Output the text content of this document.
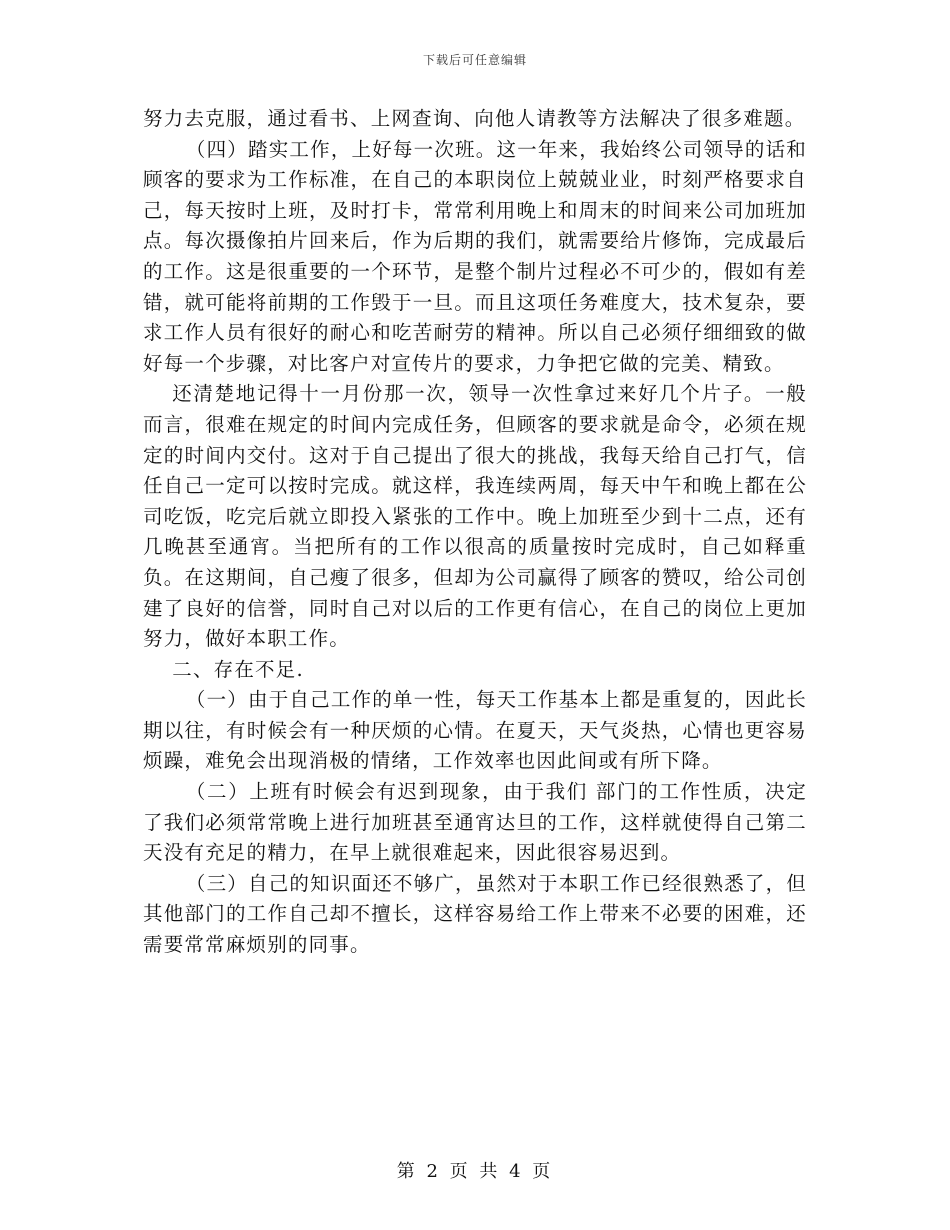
下载后可任意编辑

努力去克服，通过看书、上网查询、向他人请教等方法解决了很多难题。

（四）踏实工作，上好每一次班。这一年来，我始终公司领导的话和顾客的要求为工作标准，在自己的本职岗位上兢兢业业，时刻严格要求自己，每天按时上班，及时打卡，常常利用晚上和周末的时间来公司加班加点。每次摄像拍片回来后，作为后期的我们，就需要给片修饰，完成最后的工作。这是很重要的一个环节，是整个制片过程必不可少的，假如有差错，就可能将前期的工作毁于一旦。而且这项任务难度大，技术复杂，要求工作人员有很好的耐心和吃苦耐劳的精神。所以自己必须仔细细致的做好每一个步骤，对比客户对宣传片的要求，力争把它做的完美、精致。

还清楚地记得十一月份那一次，领导一次性拿过来好几个片子。一般而言，很难在规定的时间内完成任务，但顾客的要求就是命令，必须在规定的时间内交付。这对于自己提出了很大的挑战，我每天给自己打气，信任自己一定可以按时完成。就这样，我连续两周，每天中午和晚上都在公司吃饭，吃完后就立即投入紧张的工作中。晚上加班至少到十二点，还有几晚甚至通宵。当把所有的工作以很高的质量按时完成时，自己如释重负。在这期间，自己瘦了很多，但却为公司赢得了顾客的赞叹，给公司创建了良好的信誉，同时自己对以后的工作更有信心，在自己的岗位上更加努力，做好本职工作。

二、存在不足.

（一）由于自己工作的单一性，每天工作基本上都是重复的，因此长期以往，有时候会有一种厌烦的心情。在夏天，天气炎热，心情也更容易烦躁，难免会出现消极的情绪，工作效率也因此间或有所下降。

（二）上班有时候会有迟到现象，由于我们 部门的工作性质，决定了我们必须常常晚上进行加班甚至通宵达旦的工作，这样就使得自己第二天没有充足的精力，在早上就很难起来，因此很容易迟到。

（三）自己的知识面还不够广，虽然对于本职工作已经很熟悉了，但其他部门的工作自己却不擅长，这样容易给工作上带来不必要的困难，还需要常常麻烦别的同事。

第 2 页 共 4 页
